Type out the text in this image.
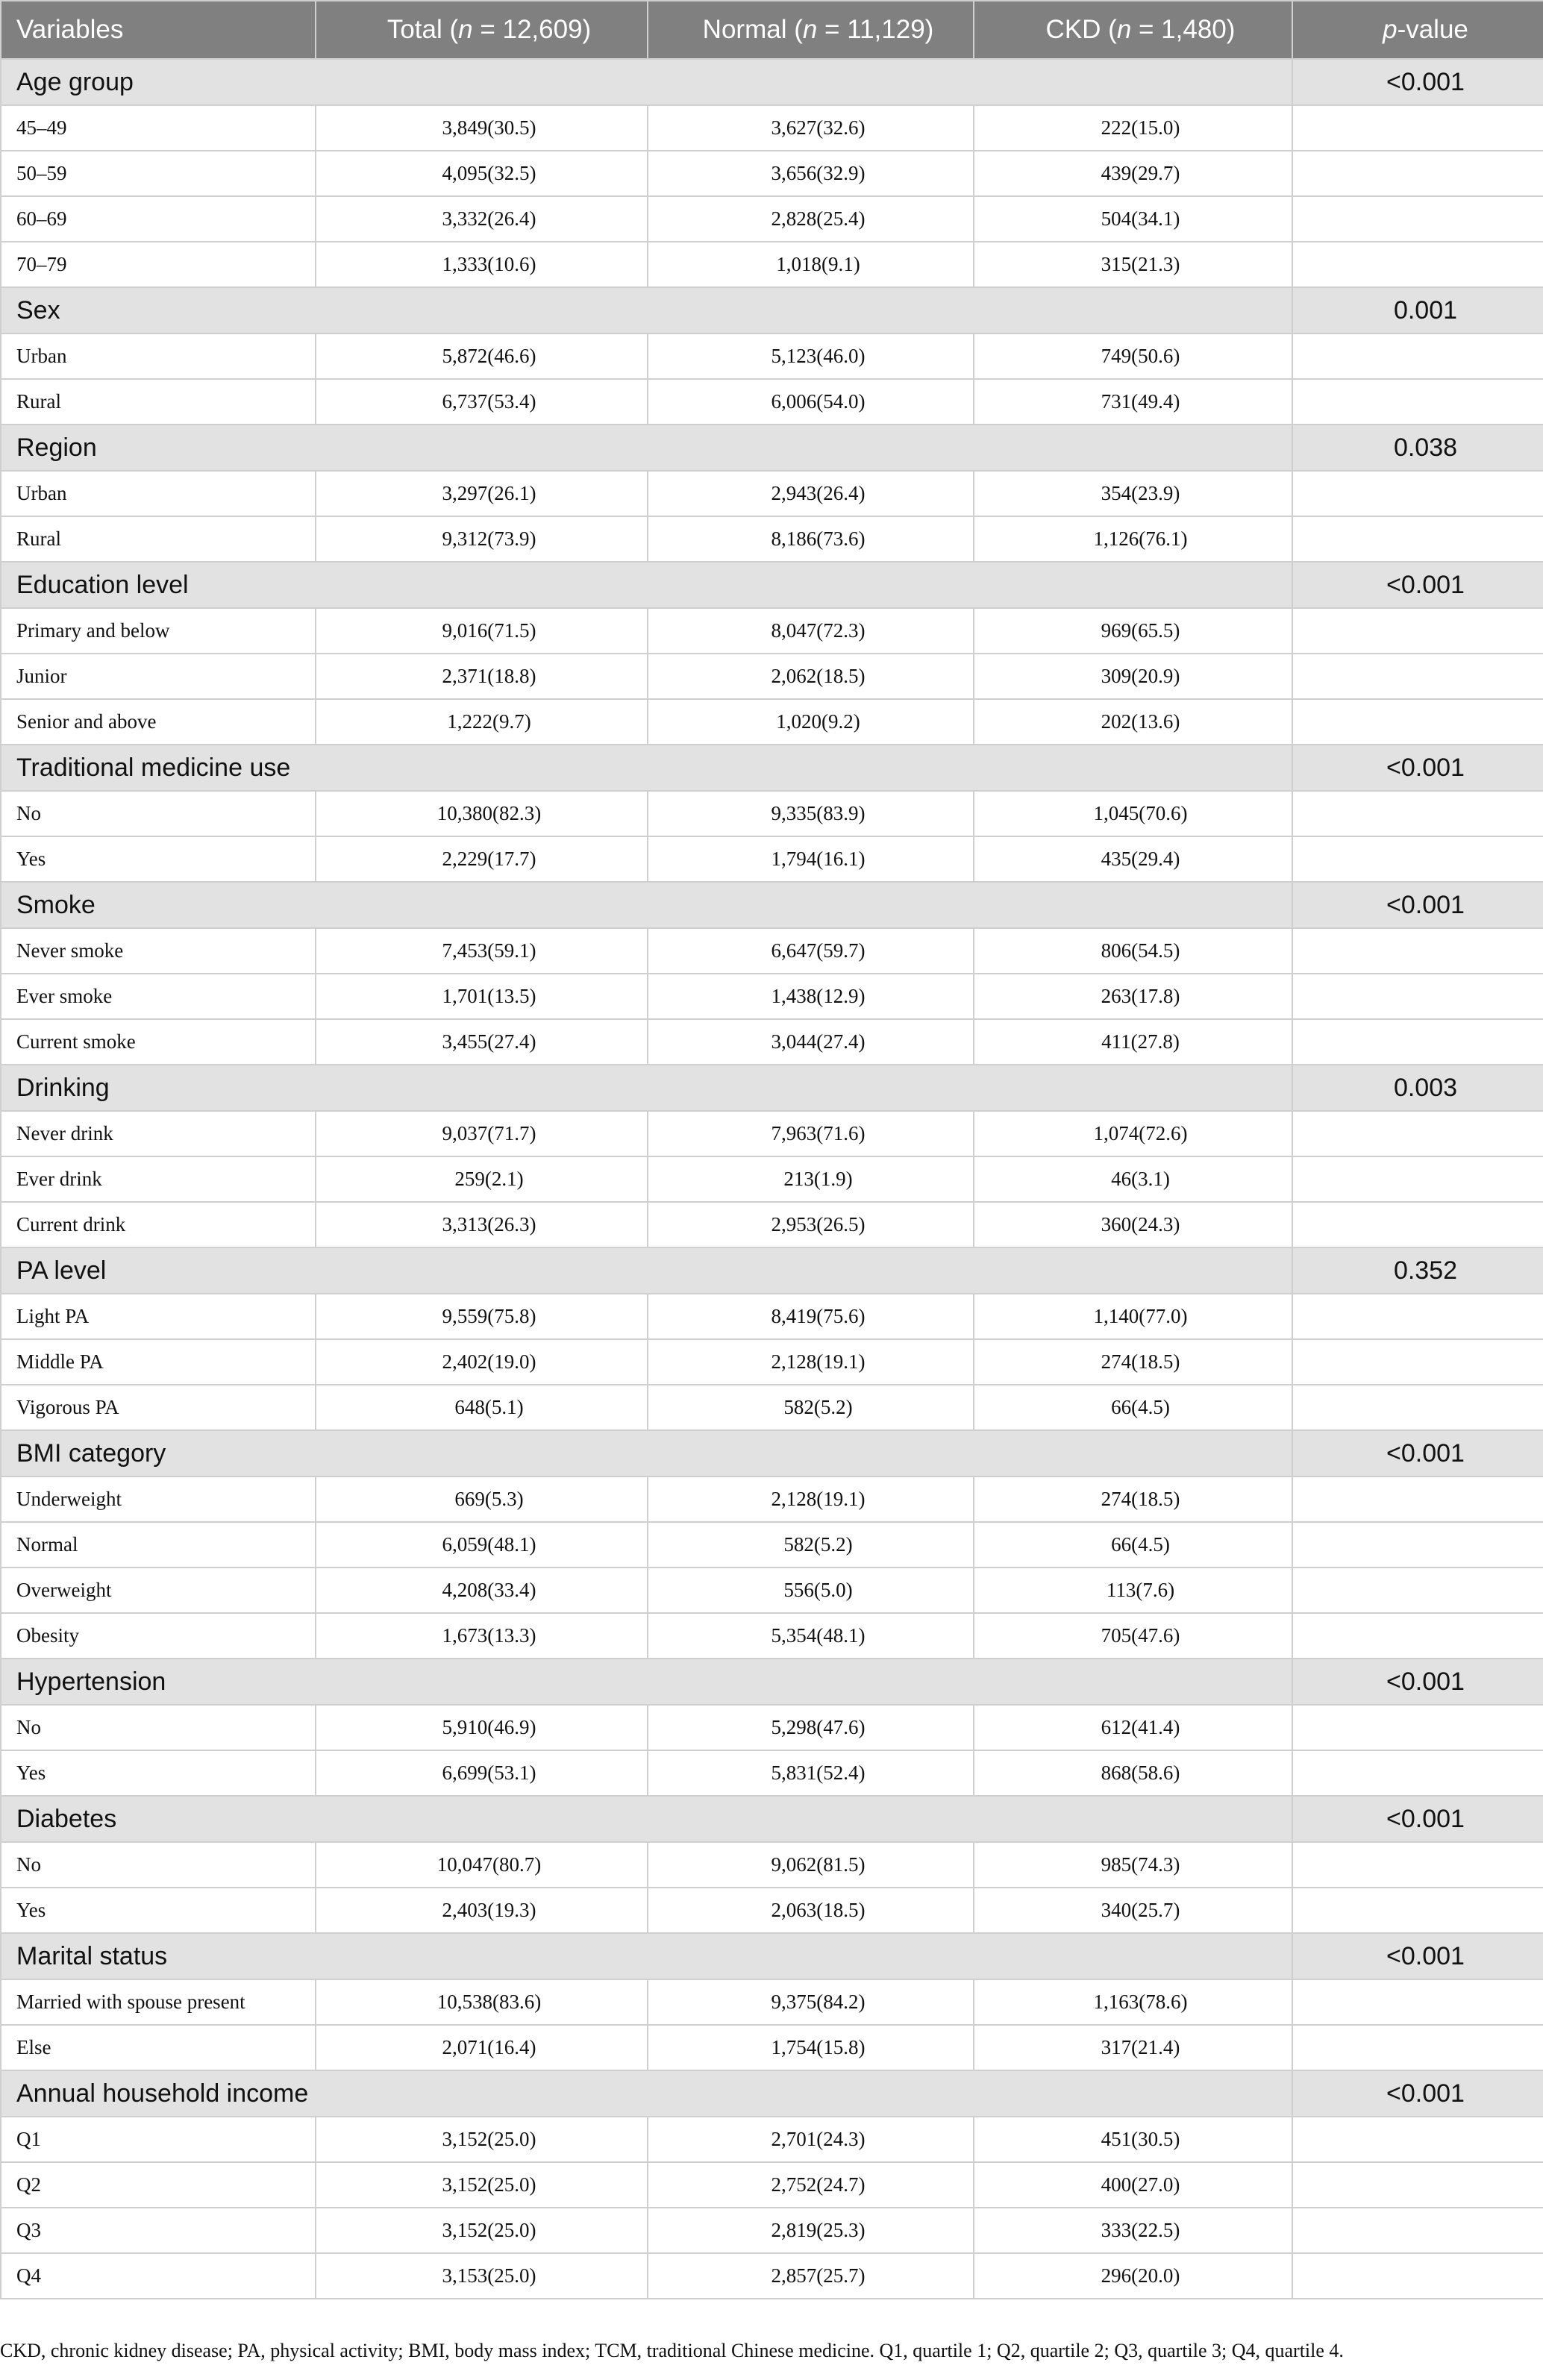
Variables	Total (n = 12,609)	Normal (n = 11,129)	CKD (n = 1,480)	p-value
Age group				<0.001
45–49	3,849(30.5)	3,627(32.6)	222(15.0)	
50–59	4,095(32.5)	3,656(32.9)	439(29.7)	
60–69	3,332(26.4)	2,828(25.4)	504(34.1)	
70–79	1,333(10.6)	1,018(9.1)	315(21.3)	
Sex				0.001
Urban	5,872(46.6)	5,123(46.0)	749(50.6)	
Rural	6,737(53.4)	6,006(54.0)	731(49.4)	
Region				0.038
Urban	3,297(26.1)	2,943(26.4)	354(23.9)	
Rural	9,312(73.9)	8,186(73.6)	1,126(76.1)	
Education level				<0.001
Primary and below	9,016(71.5)	8,047(72.3)	969(65.5)	
Junior	2,371(18.8)	2,062(18.5)	309(20.9)	
Senior and above	1,222(9.7)	1,020(9.2)	202(13.6)	
Traditional medicine use				<0.001
No	10,380(82.3)	9,335(83.9)	1,045(70.6)	
Yes	2,229(17.7)	1,794(16.1)	435(29.4)	
Smoke				<0.001
Never smoke	7,453(59.1)	6,647(59.7)	806(54.5)	
Ever smoke	1,701(13.5)	1,438(12.9)	263(17.8)	
Current smoke	3,455(27.4)	3,044(27.4)	411(27.8)	
Drinking				0.003
Never drink	9,037(71.7)	7,963(71.6)	1,074(72.6)	
Ever drink	259(2.1)	213(1.9)	46(3.1)	
Current drink	3,313(26.3)	2,953(26.5)	360(24.3)	
PA level				0.352
Light PA	9,559(75.8)	8,419(75.6)	1,140(77.0)	
Middle PA	2,402(19.0)	2,128(19.1)	274(18.5)	
Vigorous PA	648(5.1)	582(5.2)	66(4.5)	
BMI category				<0.001
Underweight	669(5.3)	2,128(19.1)	274(18.5)	
Normal	6,059(48.1)	582(5.2)	66(4.5)	
Overweight	4,208(33.4)	556(5.0)	113(7.6)	
Obesity	1,673(13.3)	5,354(48.1)	705(47.6)	
Hypertension				<0.001
No	5,910(46.9)	5,298(47.6)	612(41.4)	
Yes	6,699(53.1)	5,831(52.4)	868(58.6)	
Diabetes				<0.001
No	10,047(80.7)	9,062(81.5)	985(74.3)	
Yes	2,403(19.3)	2,063(18.5)	340(25.7)	
Marital status				<0.001
Married with spouse present	10,538(83.6)	9,375(84.2)	1,163(78.6)	
Else	2,071(16.4)	1,754(15.8)	317(21.4)	
Annual household income				<0.001
Q1	3,152(25.0)	2,701(24.3)	451(30.5)	
Q2	3,152(25.0)	2,752(24.7)	400(27.0)	
Q3	3,152(25.0)	2,819(25.3)	333(22.5)	
Q4	3,153(25.0)	2,857(25.7)	296(20.0)	
CKD, chronic kidney disease; PA, physical activity; BMI, body mass index; TCM, traditional Chinese medicine. Q1, quartile 1; Q2, quartile 2; Q3, quartile 3; Q4, quartile 4.
